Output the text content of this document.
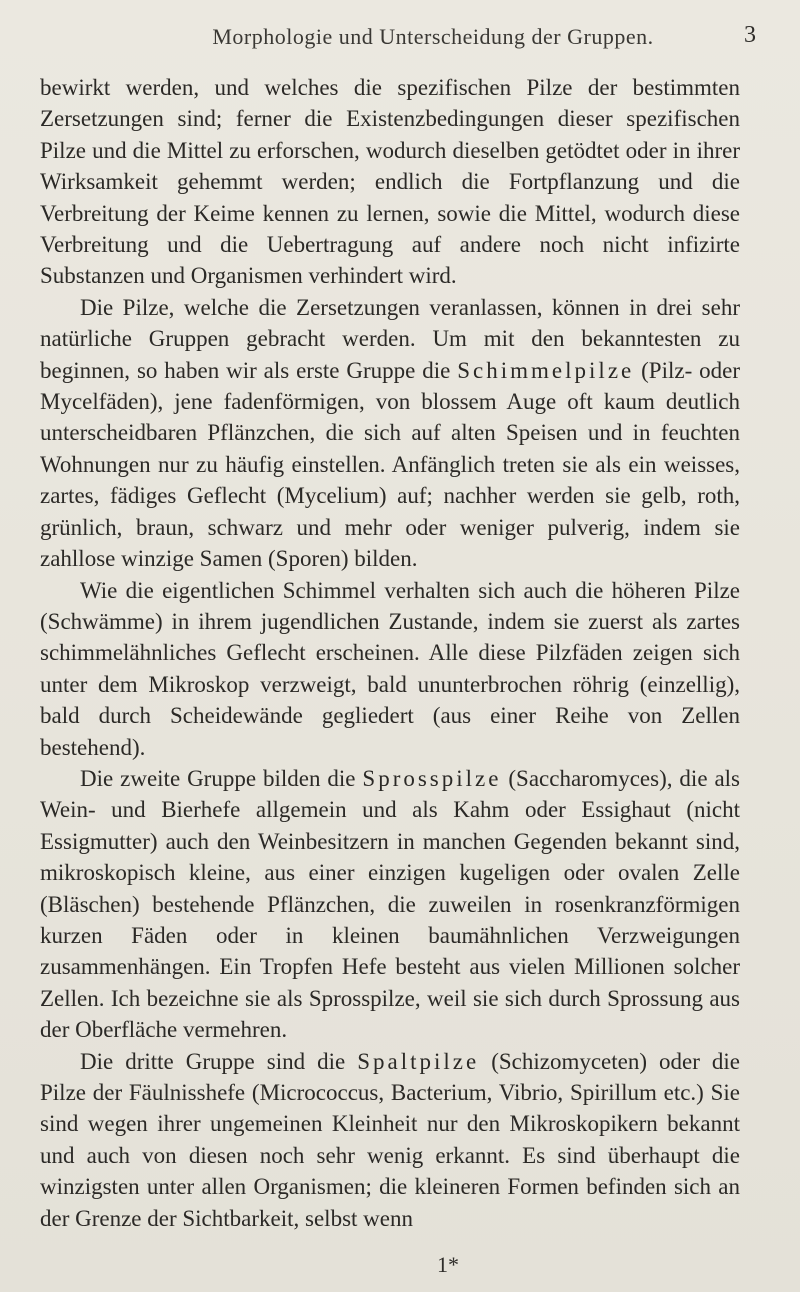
Morphologie und Unterscheidung der Gruppen.	3

bewirkt werden, und welches die spezifischen Pilze der bestimmten Zersetzungen sind; ferner die Existenzbedingungen dieser spezifischen Pilze und die Mittel zu erforschen, wodurch dieselben getödtet oder in ihrer Wirksamkeit gehemmt werden; endlich die Fortpflanzung und die Verbreitung der Keime kennen zu lernen, sowie die Mittel, wodurch diese Verbreitung und die Uebertragung auf andere noch nicht infizirte Substanzen und Organismen verhindert wird.

Die Pilze, welche die Zersetzungen veranlassen, können in drei sehr natürliche Gruppen gebracht werden. Um mit den bekanntesten zu beginnen, so haben wir als erste Gruppe die Schimmelpilze (Pilz- oder Mycelfäden), jene fadenförmigen, von blossem Auge oft kaum deutlich unterscheidbaren Pflänzchen, die sich auf alten Speisen und in feuchten Wohnungen nur zu häufig einstellen. Anfänglich treten sie als ein weisses, zartes, fädiges Geflecht (Mycelium) auf; nachher werden sie gelb, roth, grünlich, braun, schwarz und mehr oder weniger pulverig, indem sie zahllose winzige Samen (Sporen) bilden.

Wie die eigentlichen Schimmel verhalten sich auch die höheren Pilze (Schwämme) in ihrem jugendlichen Zustande, indem sie zuerst als zartes schimmelähnliches Geflecht erscheinen. Alle diese Pilzfäden zeigen sich unter dem Mikroskop verzweigt, bald ununterbrochen röhrig (einzellig), bald durch Scheidewände gegliedert (aus einer Reihe von Zellen bestehend).

Die zweite Gruppe bilden die Sprosspilze (Saccharomyces), die als Wein- und Bierhefe allgemein und als Kahm oder Essighaut (nicht Essigmutter) auch den Weinbesitzern in manchen Gegenden bekannt sind, mikroskopisch kleine, aus einer einzigen kugeligen oder ovalen Zelle (Bläschen) bestehende Pflänzchen, die zuweilen in rosenkranzförmigen kurzen Fäden oder in kleinen baumähnlichen Verzweigungen zusammenhängen. Ein Tropfen Hefe besteht aus vielen Millionen solcher Zellen. Ich bezeichne sie als Sprosspilze, weil sie sich durch Sprossung aus der Oberfläche vermehren.

Die dritte Gruppe sind die Spaltpilze (Schizomyceten) oder die Pilze der Fäulnisshefe (Micrococcus, Bacterium, Vibrio, Spirillum etc.) Sie sind wegen ihrer ungemeinen Kleinheit nur den Mikroskopikern bekannt und auch von diesen noch sehr wenig erkannt. Es sind überhaupt die winzigsten unter allen Organismen; die kleineren Formen befinden sich an der Grenze der Sichtbarkeit, selbst wenn

1*
